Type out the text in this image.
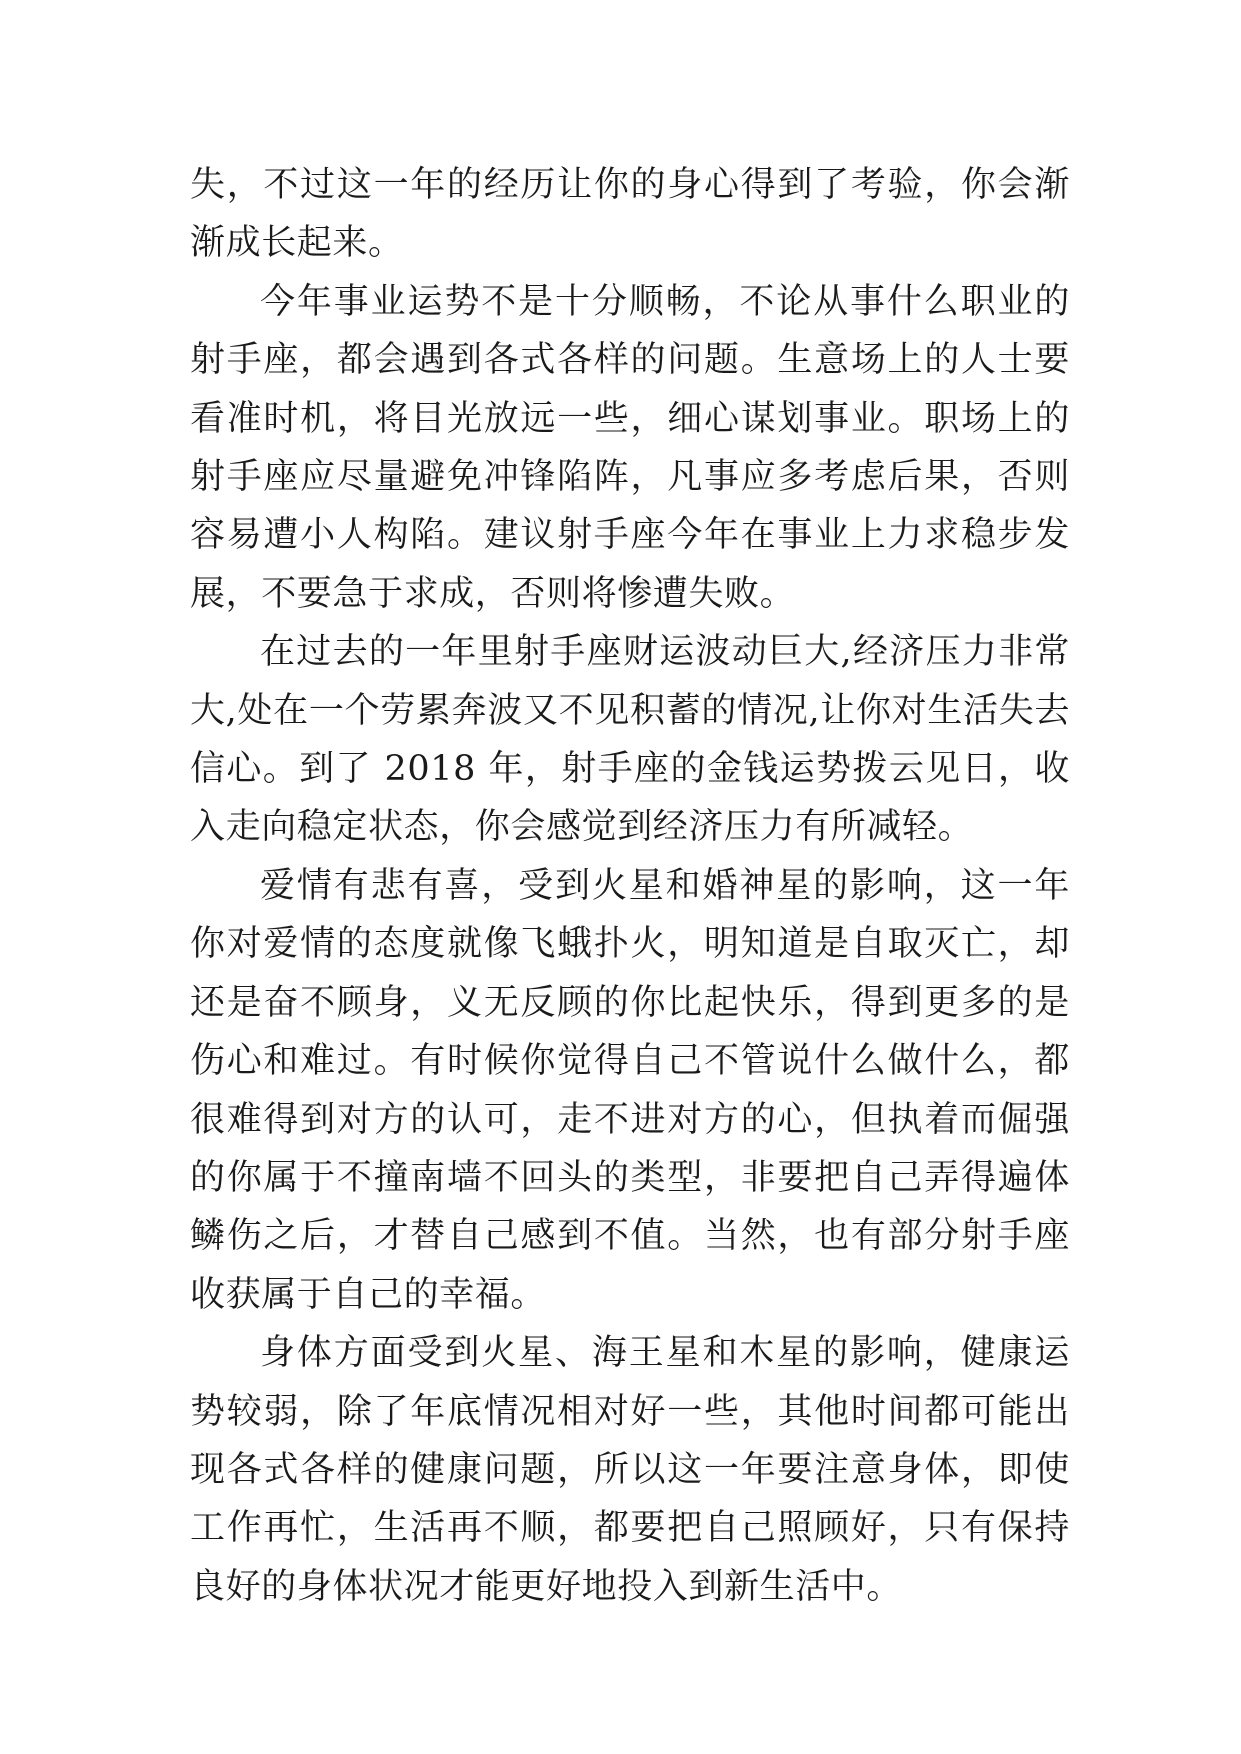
失，不过这一年的经历让你的身心得到了考验，你会渐渐成长起来。

今年事业运势不是十分顺畅，不论从事什么职业的射手座，都会遇到各式各样的问题。生意场上的人士要看准时机，将目光放远一些，细心谋划事业。职场上的射手座应尽量避免冲锋陷阵，凡事应多考虑后果，否则容易遭小人构陷。建议射手座今年在事业上力求稳步发展，不要急于求成，否则将惨遭失败。

在过去的一年里射手座财运波动巨大,经济压力非常大,处在一个劳累奔波又不见积蓄的情况,让你对生活失去信心。到了 2018 年，射手座的金钱运势拨云见日，收入走向稳定状态，你会感觉到经济压力有所减轻。

爱情有悲有喜，受到火星和婚神星的影响，这一年你对爱情的态度就像飞蛾扑火，明知道是自取灭亡，却还是奋不顾身，义无反顾的你比起快乐，得到更多的是伤心和难过。有时候你觉得自己不管说什么做什么，都很难得到对方的认可，走不进对方的心，但执着而倔强的你属于不撞南墙不回头的类型，非要把自己弄得遍体鳞伤之后，才替自己感到不值。当然，也有部分射手座收获属于自己的幸福。

身体方面受到火星、海王星和木星的影响，健康运势较弱，除了年底情况相对好一些，其他时间都可能出现各式各样的健康问题，所以这一年要注意身体，即使工作再忙，生活再不顺，都要把自己照顾好，只有保持良好的身体状况才能更好地投入到新生活中。
